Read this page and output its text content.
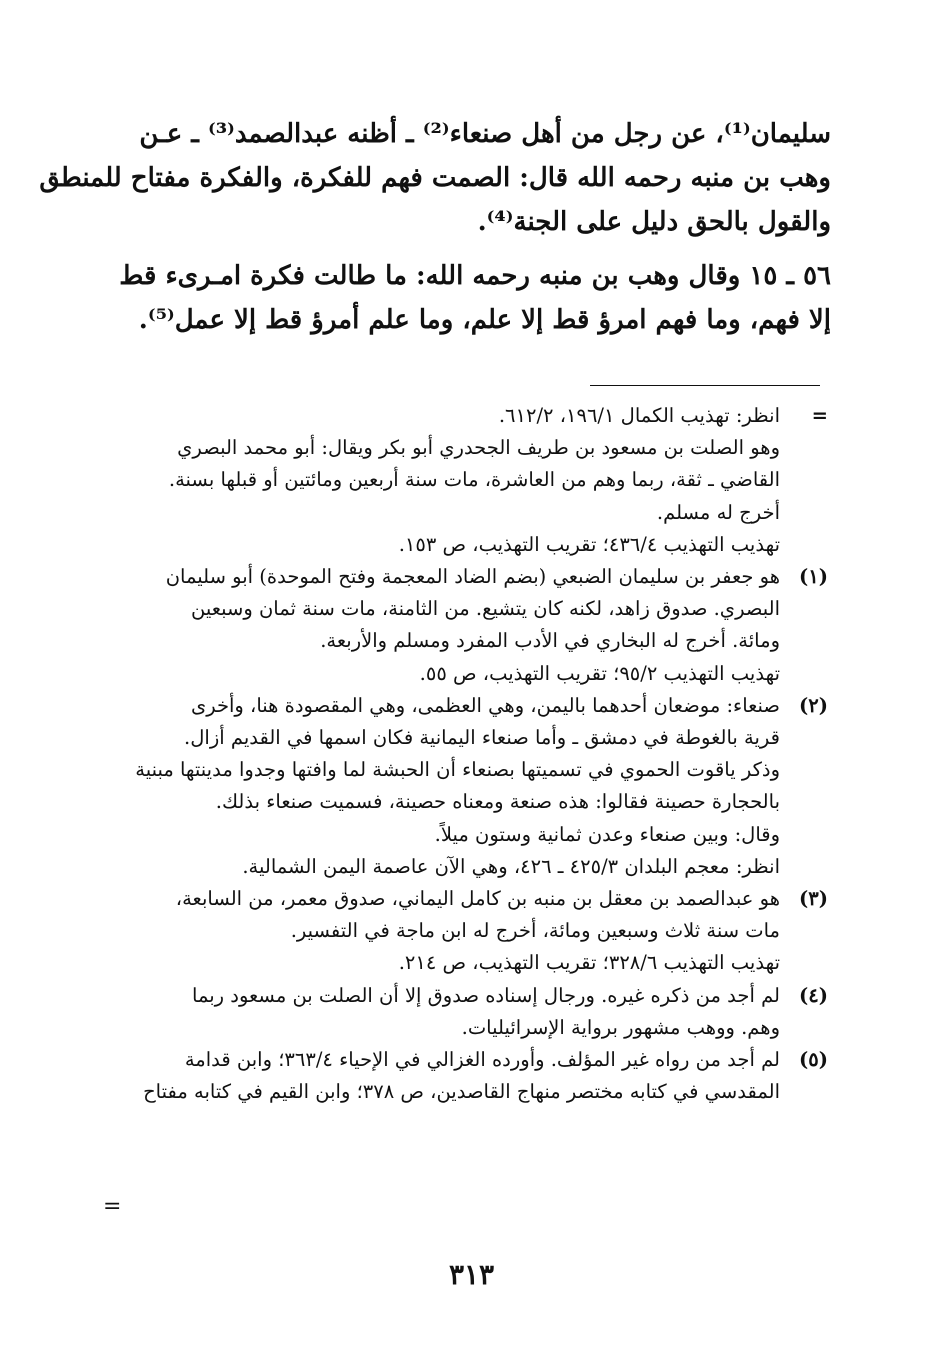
سليمان⁽¹⁾، عن رجل من أهل صنعاء⁽²⁾ ـ أظنه عبدالصمد⁽³⁾ ـ عـن
وهب بن منبه رحمه الله قال: الصمت فهم للفكرة، والفكرة مفتاح للمنطق
والقول بالحق دليل على الجنة⁽⁴⁾.

٥٦ ـ ١٥ وقال وهب بن منبه رحمه الله: ما طالت فكرة امـرىء قط
إلا فهم، وما فهم امرؤ قط إلا علم، وما علم أمرؤ قط إلا عمل⁽⁵⁾.

=
انظر: تهذيب الكمال ١٩٦/١، ٦١٢/٢.
وهو الصلت بن مسعود بن طريف الجحدري أبو بكر ويقال: أبو محمد البصري
القاضي ـ ثقة، ربما وهم من العاشرة، مات سنة أربعين ومائتين أو قبلها بسنة.
أخرج له مسلم.
تهذيب التهذيب ٤٣٦/٤؛ تقريب التهذيب، ص ١٥٣.
(١)
هو جعفر بن سليمان الضبعي (بضم الضاد المعجمة وفتح الموحدة) أبو سليمان
البصري. صدوق زاهد، لكنه كان يتشيع. من الثامنة، مات سنة ثمان وسبعين
ومائة. أخرج له البخاري في الأدب المفرد ومسلم والأربعة.
تهذيب التهذيب ٩٥/٢؛ تقريب التهذيب، ص ٥٥.
(٢)
صنعاء: موضعان أحدهما باليمن، وهي العظمى، وهي المقصودة هنا، وأخرى
قرية بالغوطة في دمشق ـ وأما صنعاء اليمانية فكان اسمها في القديم أزال.
وذكر ياقوت الحموي في تسميتها بصنعاء أن الحبشة لما وافتها وجدوا مدينتها مبنية
بالحجارة حصينة فقالوا: هذه صنعة ومعناه حصينة، فسميت صنعاء بذلك.
وقال: وبين صنعاء وعدن ثمانية وستون ميلاً.
انظر: معجم البلدان ٤٢٥/٣ ـ ٤٢٦، وهي الآن عاصمة اليمن الشمالية.
(٣)
هو عبدالصمد بن معقل بن منبه بن كامل اليماني، صدوق معمر، من السابعة،
مات سنة ثلاث وسبعين ومائة، أخرج له ابن ماجة في التفسير.
تهذيب التهذيب ٣٢٨/٦؛ تقريب التهذيب، ص ٢١٤.
(٤)
لم أجد من ذكره غيره. ورجال إسناده صدوق إلا أن الصلت بن مسعود ربما
وهم. ووهب مشهور برواية الإسرائيليات.
(٥)
لم أجد من رواه غير المؤلف. وأورده الغزالي في الإحياء ٣٦٣/٤؛ وابن قدامة
المقدسي في كتابه مختصر منهاج القاصدين، ص ٣٧٨؛ وابن القيم في كتابه مفتاح
=
٣١٣
